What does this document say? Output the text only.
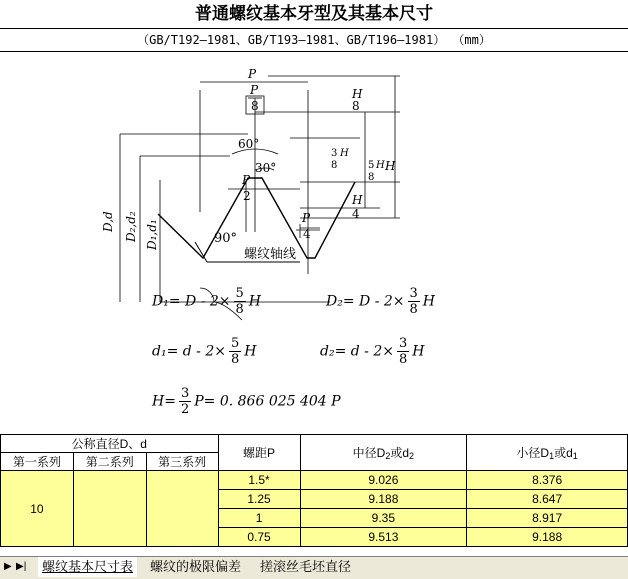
普通螺纹基本牙型及其基本尺寸
（GB/T192—1981、GB/T193—1981、GB/T196—1981） （mm）
P
P
8
60°
30°
P
2
P
4
H
H
8
H
4
3 H
8	5 H
8
90°
螺纹轴线
D,d D₂,d₂ D₁,d₁
$D_1= D - 2\times \frac{5}{8}$ H	$D_2= D - 2\times \frac{3}{8}$ H
$d_1= d - 2\times \frac{5}{8}$ H	$d_2= d - 2\times \frac{3}{8}$ H
$H= \frac{3}{2} P= 0$. 866 025 404 P
公称直径D、d			螺距P	中径$D_2$或$d_2$	小径$D_1$或$d_1$
第一系列	第二系列	第三系列			
10			1.5*	9.026	8.376
			1.25	9.188	8.647
			1	9.35	8.917
			0.75	9.513	9.188
▶ ▶|	螺纹基本尺寸表	螺纹的极限偏差	搓滚丝毛坯直径
